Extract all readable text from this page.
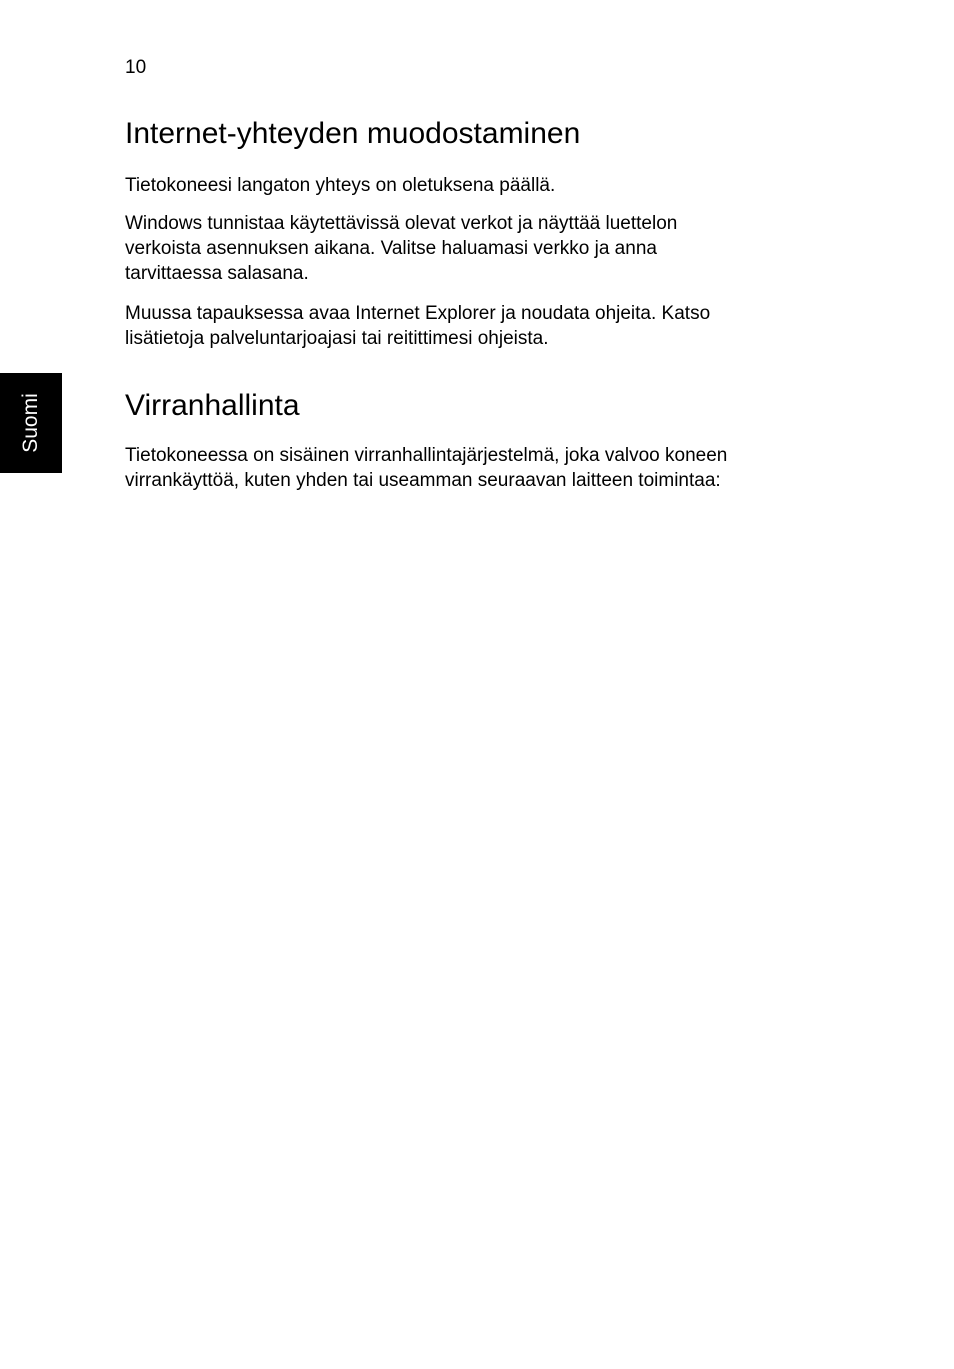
10
Suomi
Internet-yhteyden muodostaminen

Tietokoneesi langaton yhteys on oletuksena päällä.

Windows tunnistaa käytettävissä olevat verkot ja näyttää luettelon
verkoista asennuksen aikana. Valitse haluamasi verkko ja anna
tarvittaessa salasana.

Muussa tapauksessa avaa Internet Explorer ja noudata ohjeita. Katso
lisätietoja palveluntarjoajasi tai reitittimesi ohjeista.

Virranhallinta

Tietokoneessa on sisäinen virranhallintajärjestelmä, joka valvoo koneen
virrankäyttöä, kuten yhden tai useamman seuraavan laitteen toimintaa:
